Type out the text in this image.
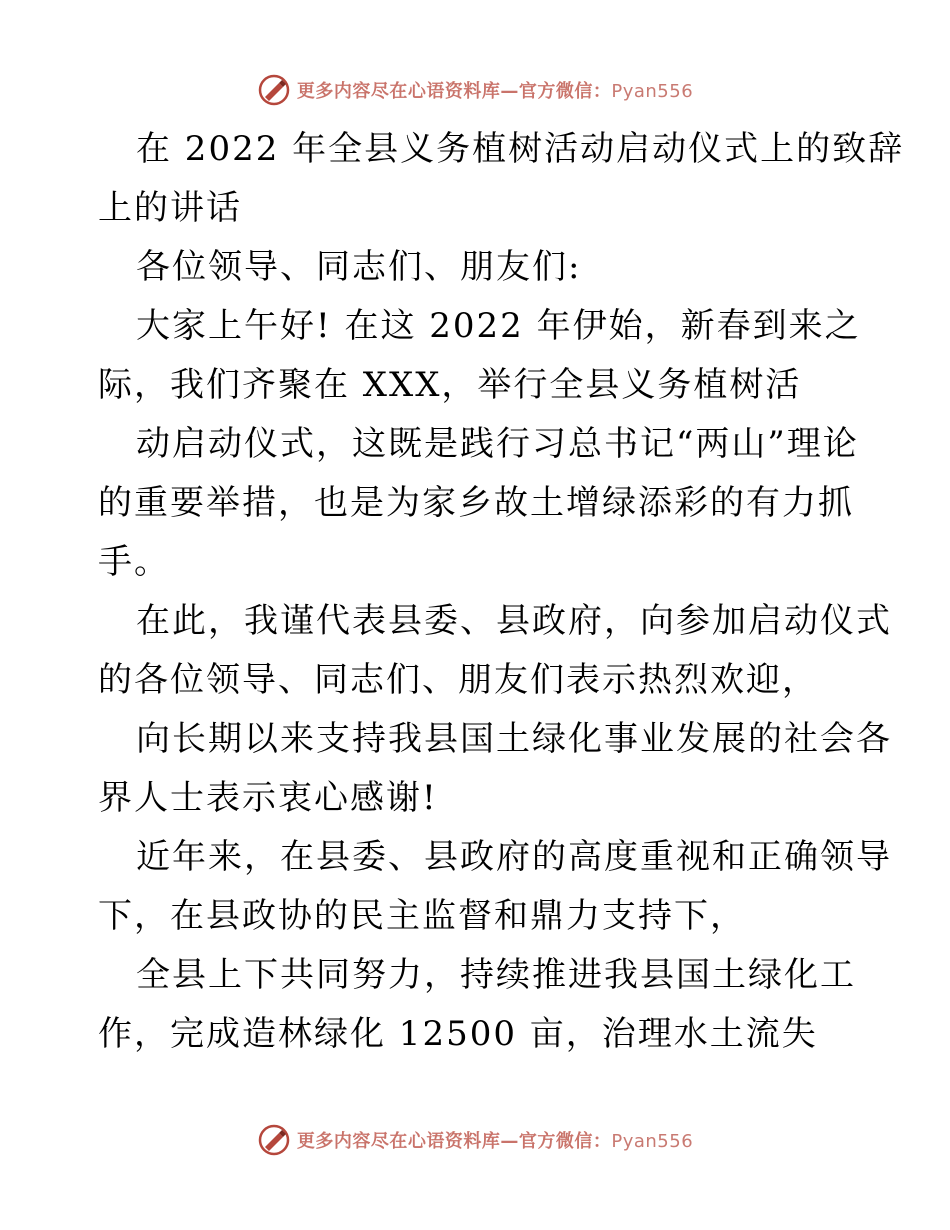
更多内容尽在心语资料库—官方微信：Pyan556
在 2022 年全县义务植树活动启动仪式上的致辞
上的讲话
各位领导、同志们、朋友们:
大家上午好! 在这 2022 年伊始，新春到来之
际，我们齐聚在 XXX，举行全县义务植树活
动启动仪式，这既是践行习总书记“两山”理论
的重要举措，也是为家乡故土增绿添彩的有力抓
手。
在此，我谨代表县委、县政府，向参加启动仪式
的各位领导、同志们、朋友们表示热烈欢迎，
向长期以来支持我县国土绿化事业发展的社会各
界人士表示衷心感谢!
近年来，在县委、县政府的高度重视和正确领导
下，在县政协的民主监督和鼎力支持下，
全县上下共同努力，持续推进我县国土绿化工
作，完成造林绿化 12500 亩，治理水土流失
更多内容尽在心语资料库—官方微信：Pyan556
